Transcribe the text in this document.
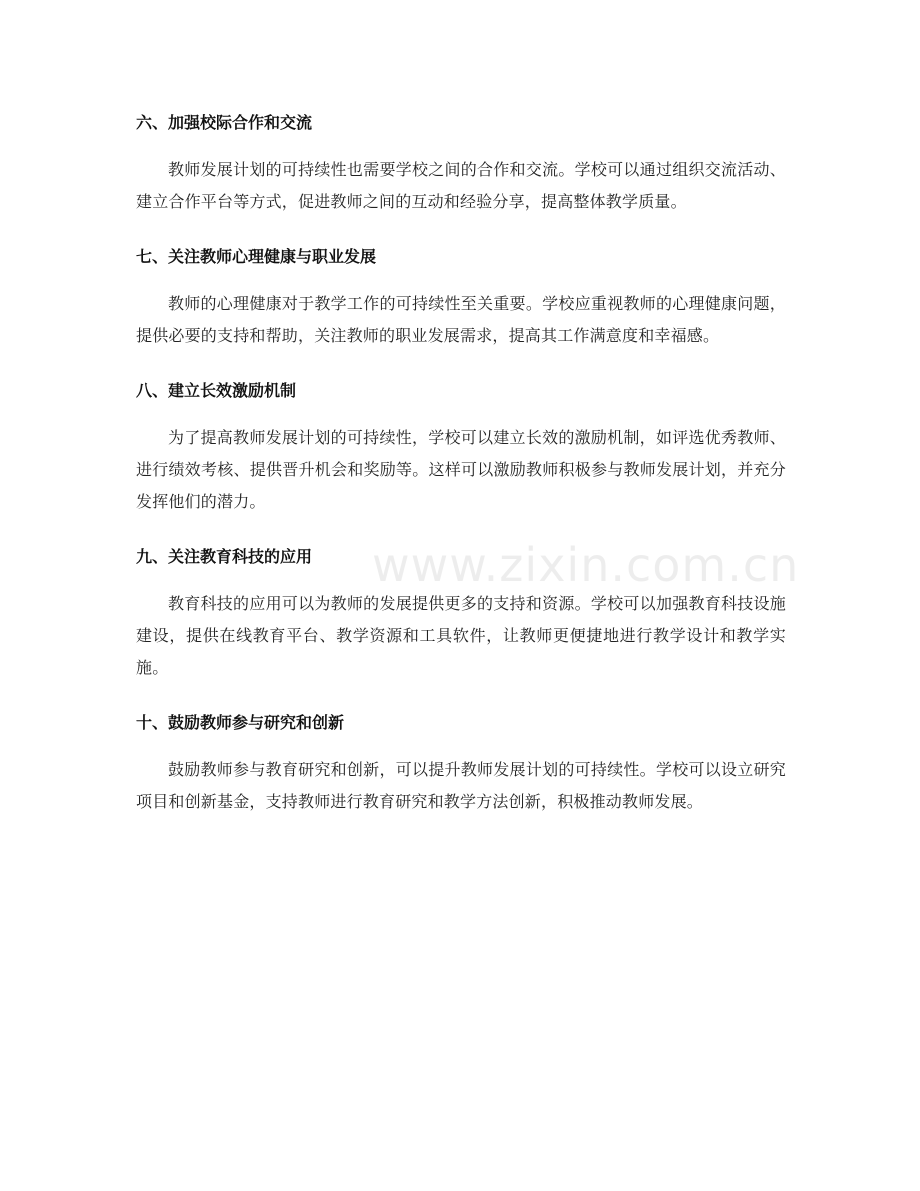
六、加强校际合作和交流

教师发展计划的可持续性也需要学校之间的合作和交流。学校可以通过组织交流活动、建立合作平台等方式，促进教师之间的互动和经验分享，提高整体教学质量。

七、关注教师心理健康与职业发展

教师的心理健康对于教学工作的可持续性至关重要。学校应重视教师的心理健康问题，提供必要的支持和帮助，关注教师的职业发展需求，提高其工作满意度和幸福感。

八、建立长效激励机制

为了提高教师发展计划的可持续性，学校可以建立长效的激励机制，如评选优秀教师、进行绩效考核、提供晋升机会和奖励等。这样可以激励教师积极参与教师发展计划，并充分发挥他们的潜力。

九、关注教育科技的应用

教育科技的应用可以为教师的发展提供更多的支持和资源。学校可以加强教育科技设施建设，提供在线教育平台、教学资源和工具软件，让教师更便捷地进行教学设计和教学实施。

十、鼓励教师参与研究和创新

鼓励教师参与教育研究和创新，可以提升教师发展计划的可持续性。学校可以设立研究项目和创新基金，支持教师进行教育研究和教学方法创新，积极推动教师发展。

www.zixin.com.cn
